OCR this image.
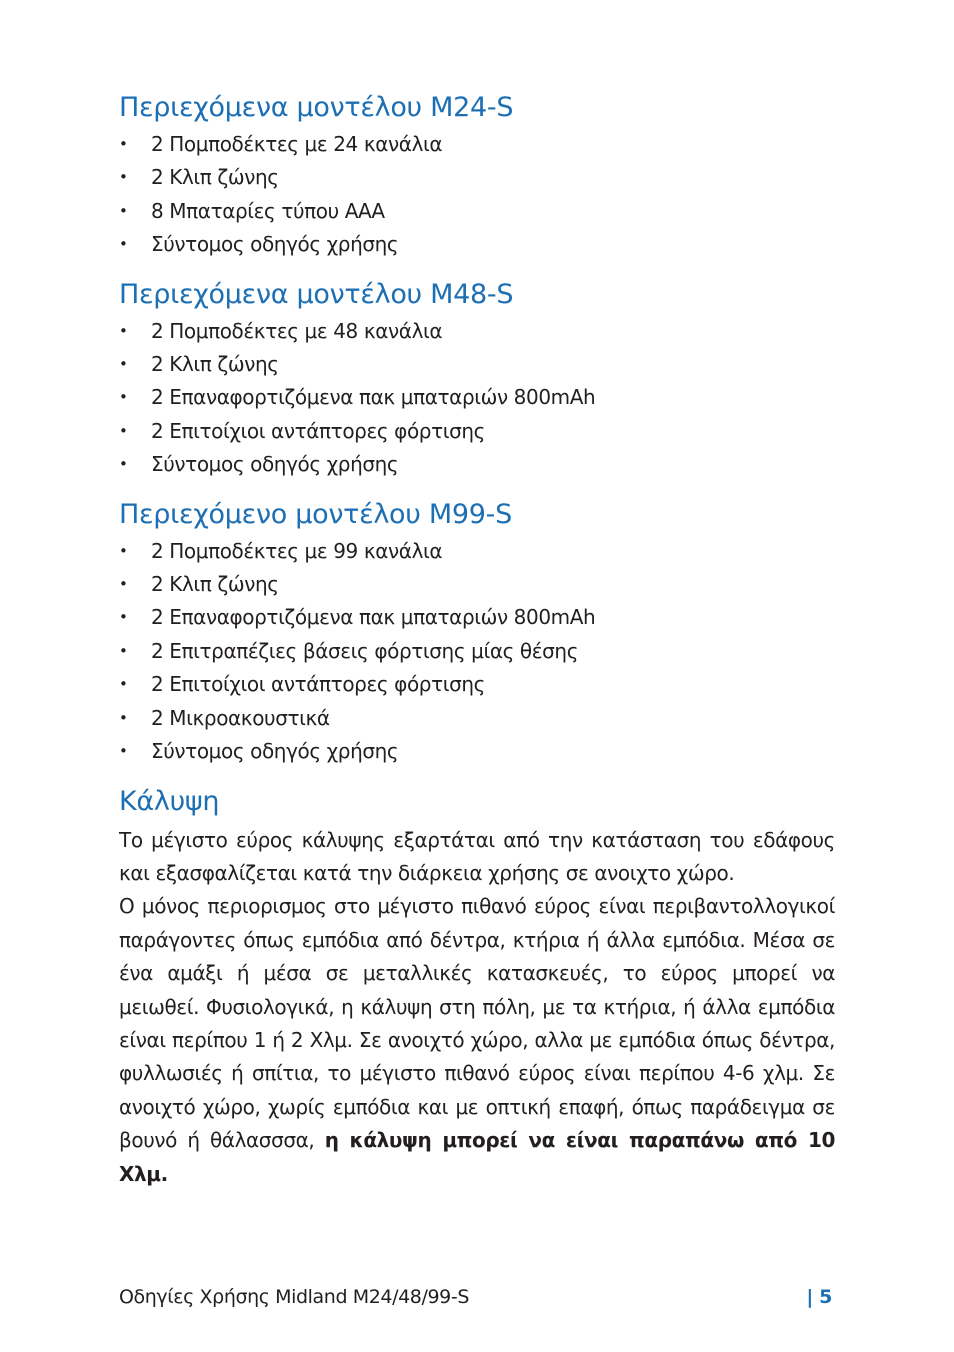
Περιεχόμενα μοντέλου M24-S
• 2 Πομποδέκτες με 24 κανάλια
• 2 Κλιπ ζώνης
• 8 Μπαταρίες τύπου ΑΑΑ
• Σύντομος οδηγός χρήσης
Περιεχόμενα μοντέλου M48-S
• 2 Πομποδέκτες με 48 κανάλια
• 2 Κλιπ ζώνης
• 2 Επαναφορτιζόμενα πακ μπαταριών 800mAh
• 2 Επιτοίχιοι αντάπτορες φόρτισης
• Σύντομος οδηγός χρήσης
Περιεχόμενο μοντέλου M99-S
• 2 Πομποδέκτες με 99 κανάλια
• 2 Κλιπ ζώνης
• 2 Επαναφορτιζόμενα πακ μπαταριών 800mAh
• 2 Επιτραπέζιες βάσεις φόρτισης μίας θέσης
• 2 Επιτοίχιοι αντάπτορες φόρτισης
• 2 Μικροακουστικά
• Σύντομος οδηγός χρήσης
Κάλυψη

Το μέγιστο εύρος κάλυψης εξαρτάται από την κατάσταση του εδάφους και εξασφαλίζεται κατά την διάρκεια χρήσης σε ανοιχτο χώρο.

Ο μόνος περιορισμος στο μέγιστο πιθανό εύρος είναι περιβαντολλογικοί παράγοντες όπως εμπόδια από δέντρα, κτήρια ή άλλα εμπόδια. Μέσα σε ένα αμάξι ή μέσα σε μεταλλικές κατασκευές, το εύρος μπορεί να μειωθεί. Φυσιολογικά, η κάλυψη στη πόλη, με τα κτήρια, ή άλλα εμπόδια είναι περίπου 1 ή 2 Χλμ. Σε ανοιχτό χώρο, αλλα με εμπόδια όπως δέντρα, φυλλωσιές ή σπίτια, το μέγιστο πιθανό εύρος είναι περίπου 4-6 χλμ. Σε ανοιχτό χώρο, χωρίς εμπόδια και με οπτική επαφή, όπως παράδειγμα σε βουνό ή θάλασσσα, η κάλυψη μπορεί να είναι παραπάνω από 10 Χλμ.

Οδηγίες Χρήσης Midland M24/48/99-S	| 5
